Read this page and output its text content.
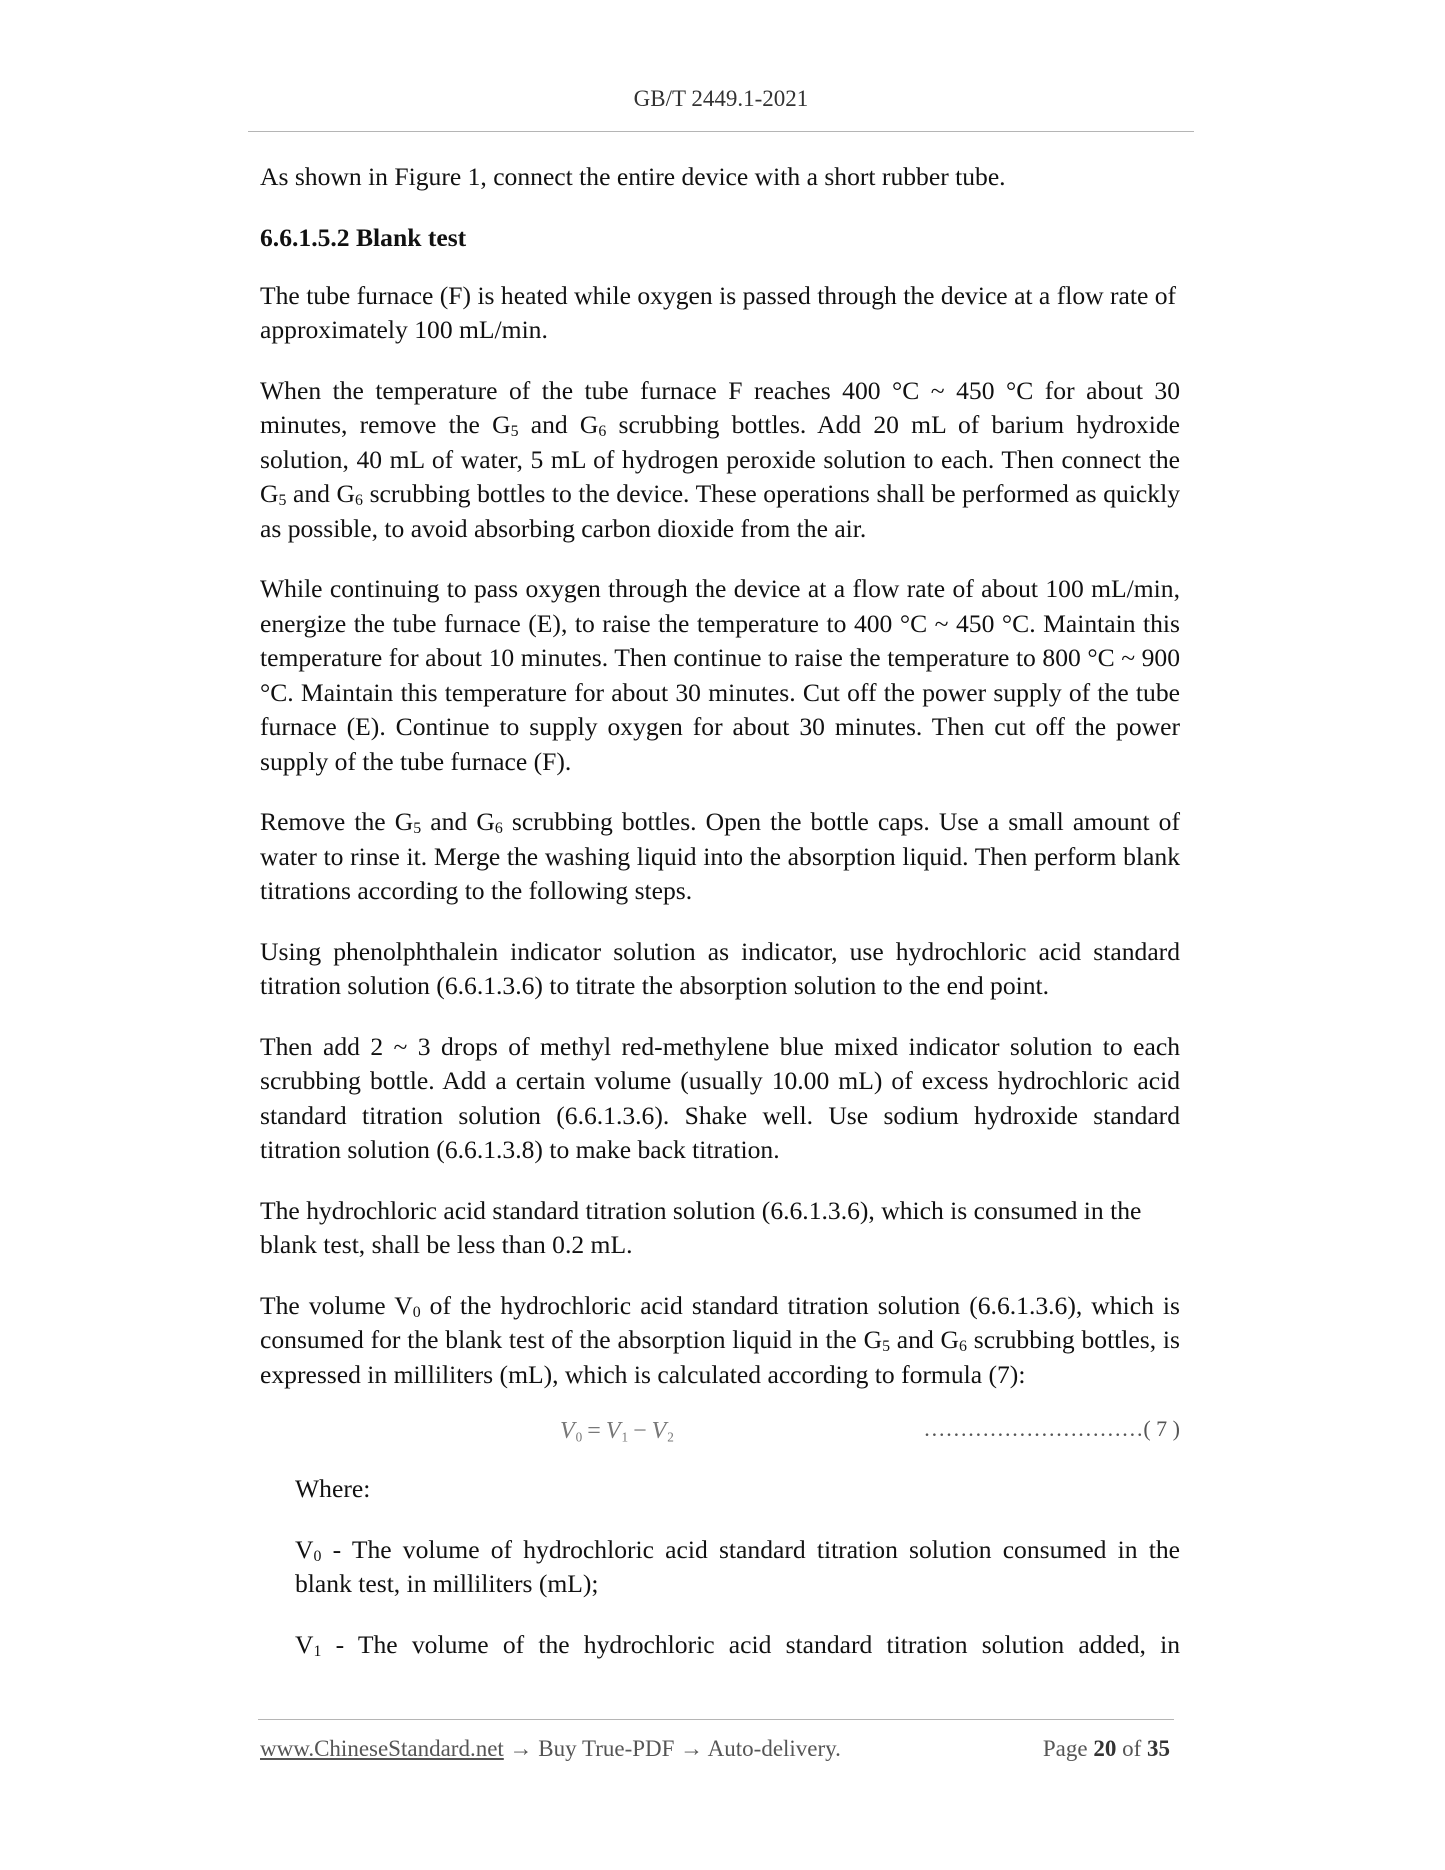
GB/T 2449.1-2021

As shown in Figure 1, connect the entire device with a short rubber tube.

6.6.1.5.2 Blank test

The tube furnace (F) is heated while oxygen is passed through the device at a flow rate of approximately 100 mL/min.

When the temperature of the tube furnace F reaches 400 °C ~ 450 °C for about 30 minutes, remove the G5 and G6 scrubbing bottles. Add 20 mL of barium hydroxide solution, 40 mL of water, 5 mL of hydrogen peroxide solution to each. Then connect the G5 and G6 scrubbing bottles to the device. These operations shall be performed as quickly as possible, to avoid absorbing carbon dioxide from the air.

While continuing to pass oxygen through the device at a flow rate of about 100 mL/min, energize the tube furnace (E), to raise the temperature to 400 °C ~ 450 °C. Maintain this temperature for about 10 minutes. Then continue to raise the temperature to 800 °C ~ 900 °C. Maintain this temperature for about 30 minutes. Cut off the power supply of the tube furnace (E). Continue to supply oxygen for about 30 minutes. Then cut off the power supply of the tube furnace (F).

Remove the G5 and G6 scrubbing bottles. Open the bottle caps. Use a small amount of water to rinse it. Merge the washing liquid into the absorption liquid. Then perform blank titrations according to the following steps.

Using phenolphthalein indicator solution as indicator, use hydrochloric acid standard titration solution (6.6.1.3.6) to titrate the absorption solution to the end point.

Then add 2 ~ 3 drops of methyl red-methylene blue mixed indicator solution to each scrubbing bottle. Add a certain volume (usually 10.00 mL) of excess hydrochloric acid standard titration solution (6.6.1.3.6). Shake well. Use sodium hydroxide standard titration solution (6.6.1.3.8) to make back titration.

The hydrochloric acid standard titration solution (6.6.1.3.6), which is consumed in the blank test, shall be less than 0.2 mL.

The volume V0 of the hydrochloric acid standard titration solution (6.6.1.3.6), which is consumed for the blank test of the absorption liquid in the G5 and G6 scrubbing bottles, is expressed in milliliters (mL), which is calculated according to formula (7):

V0 = V1 − V2	…………………………( 7 )

Where:

V0 - The volume of hydrochloric acid standard titration solution consumed in the blank test, in milliliters (mL);

V1 - The volume of the hydrochloric acid standard titration solution added, in

www.ChineseStandard.net → Buy True-PDF → Auto-delivery.	Page 20 of 35
